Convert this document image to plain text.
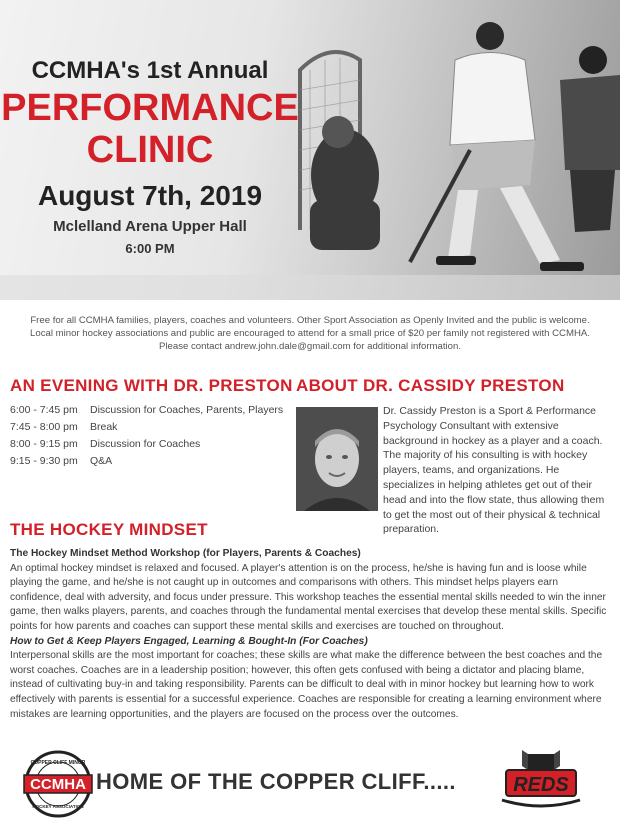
CCMHA's 1st Annual
PERFORMANCE
CLINIC
August 7th, 2019
Mclelland Arena Upper Hall
6:00 PM

Free for all CCMHA families, players, coaches and volunteers. Other Sport Association as Openly Invited and the public is welcome.

Local minor hockey associations and public are encouraged to attend for a small price of $20 per family not registered with CCMHA.

Please contact andrew.john.dale@gmail.com for additional information.

AN EVENING WITH DR. PRESTON
6:00 - 7:45 pm	Discussion for Coaches, Parents, Players
7:45 - 8:00 pm	Break
8:00 - 9:15 pm	Discussion for Coaches
9:15 - 9:30 pm	Q&A
ABOUT DR. CASSIDY PRESTON
Dr. Cassidy Preston is a Sport & Performance Psychology Consultant with extensive background in hockey as a player and a coach. The majority of his consulting is with hockey players, teams, and organizations. He specializes in helping athletes get out of their head and into the flow state, thus allowing them to get the most out of their physical & technical preparation.
THE HOCKEY MINDSET

The Hockey Mindset Method Workshop (for Players, Parents & Coaches)

An optimal hockey mindset is relaxed and focused. A player's attention is on the process, he/she is having fun and is loose while playing the game, and he/she is not caught up in outcomes and comparisons with others. This mindset helps players earn confidence, deal with adversity, and focus under pressure. This workshop teaches the essential mental skills needed to win the inner game, then walks players, parents, and coaches through the fundamental mental exercises that develop these mental skills. Specific points for how parents and coaches can support these mental skills and exercises are touched on throughout.

How to Get & Keep Players Engaged, Learning & Bought-In (For Coaches)

Interpersonal skills are the most important for coaches; these skills are what make the difference between the best coaches and the worst coaches. Coaches are in a leadership position; however, this often gets confused with being a dictator and placing blame, instead of cultivating buy-in and taking responsibility. Parents can be difficult to deal with in minor hockey but learning how to work effectively with parents is essential for a successful experience. Coaches are responsible for creating a learning environment where mistakes are learning opportunities, and the players are focused on the process over the outcomes.

CCMHA
COPPER CLIFF MINOR
HOCKEY ASSOCIATION
HOME OF THE COPPER CLIFF.....	REDS
